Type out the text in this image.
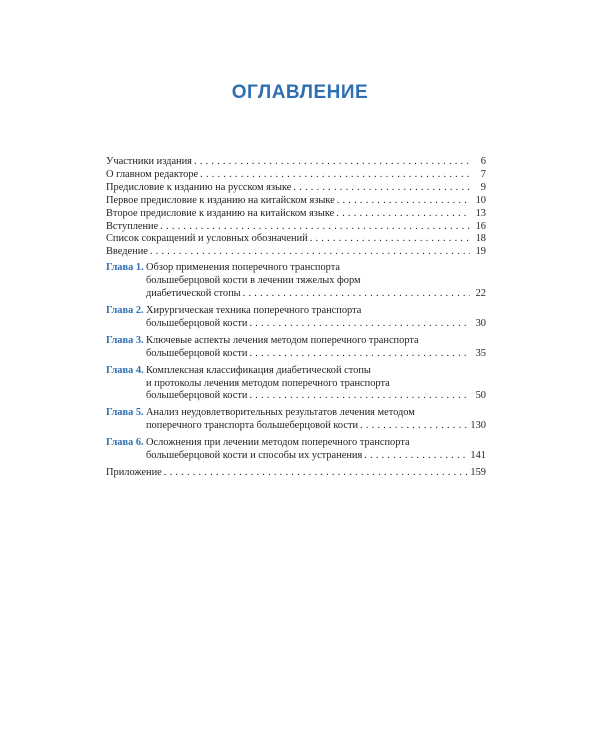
ОГЛАВЛЕНИЕ
Участники издания . . .	6
О главном редакторе . . .	7
Предисловие к изданию на русском языке . . .	9
Первое предисловие к изданию на китайском языке . . .	10
Второе предисловие к изданию на китайском языке . . .	13
Вступление . . .	16
Список сокращений и условных обозначений . . .	18
Введение . . .	19
Глава 1. Обзор применения поперечного транспорта
большеберцовой кости в лечении тяжелых форм
диабетической стопы . . .	22
Глава 2. Хирургическая техника поперечного транспорта
большеберцовой кости . . .	30
Глава 3. Ключевые аспекты лечения методом поперечного транспорта
большеберцовой кости . . .	35
Глава 4. Комплексная классификация диабетической стопы
и протоколы лечения методом поперечного транспорта
большеберцовой кости . . .	50
Глава 5. Анализ неудовлетворительных результатов лечения методом
поперечного транспорта большеберцовой кости . . .	130
Глава 6. Осложнения при лечении методом поперечного транспорта
большеберцовой кости и способы их устранения . . .	141
Приложение . . .	159
